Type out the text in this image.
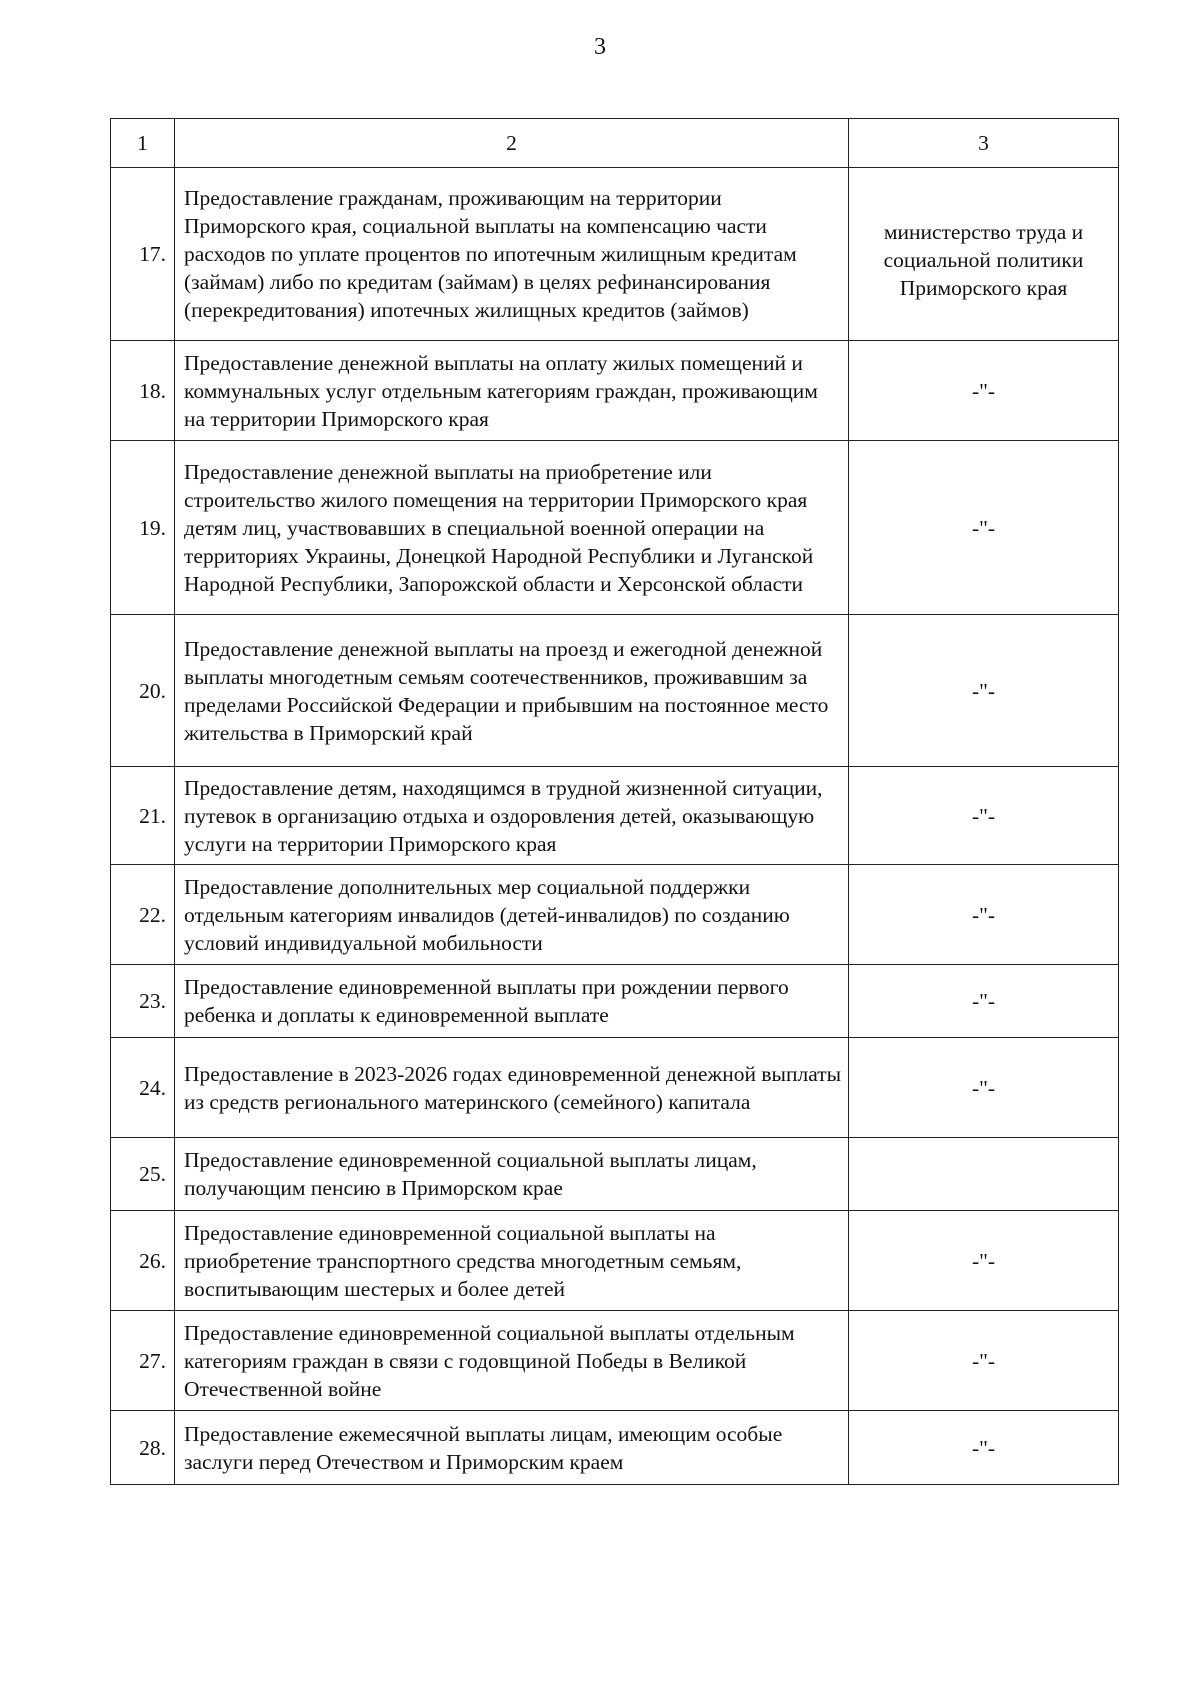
3
1	2	3
17.	Предоставление гражданам, проживающим на территории Приморского края, социальной выплаты на компенсацию части расходов по уплате процентов по ипотечным жилищным кредитам (займам) либо по кредитам (займам) в целях рефинансирования (перекредитования) ипотечных жилищных кредитов (займов)	министерство труда и социальной политики Приморского края
18.	Предоставление денежной выплаты на оплату жилых помещений и коммунальных услуг отдельным категориям граждан, проживающим на территории Приморского края	-"-
19.	Предоставление денежной выплаты на приобретение или строительство жилого помещения на территории Приморского края детям лиц, участвовавших в специальной военной операции на территориях Украины, Донецкой Народной Республики и Луганской Народной Республики, Запорожской области и Херсонской области	-"-
20.	Предоставление денежной выплаты на проезд и ежегодной денежной выплаты многодетным семьям соотечественников, проживавшим за пределами Российской Федерации и прибывшим на постоянное место жительства в Приморский край	-"-
21.	Предоставление детям, находящимся в трудной жизненной ситуации, путевок в организацию отдыха и оздоровления детей, оказывающую услуги на территории Приморского края	-"-
22.	Предоставление дополнительных мер социальной поддержки отдельным категориям инвалидов (детей-инвалидов) по созданию условий индивидуальной мобильности	-"-
23.	Предоставление единовременной выплаты при рождении первого ребенка и доплаты к единовременной выплате	-"-
24.	Предоставление в 2023-2026 годах единовременной денежной выплаты из средств регионального материнского (семейного) капитала	-"-
25.	Предоставление единовременной социальной выплаты лицам, получающим пенсию в Приморском крае	
26.	Предоставление единовременной социальной выплаты на приобретение транспортного средства многодетным семьям, воспитывающим шестерых и более детей	-"-
27.	Предоставление единовременной социальной выплаты отдельным категориям граждан в связи с годовщиной Победы в Великой Отечественной войне	-"-
28.	Предоставление ежемесячной выплаты лицам, имеющим особые заслуги перед Отечеством и Приморским краем	-"-
